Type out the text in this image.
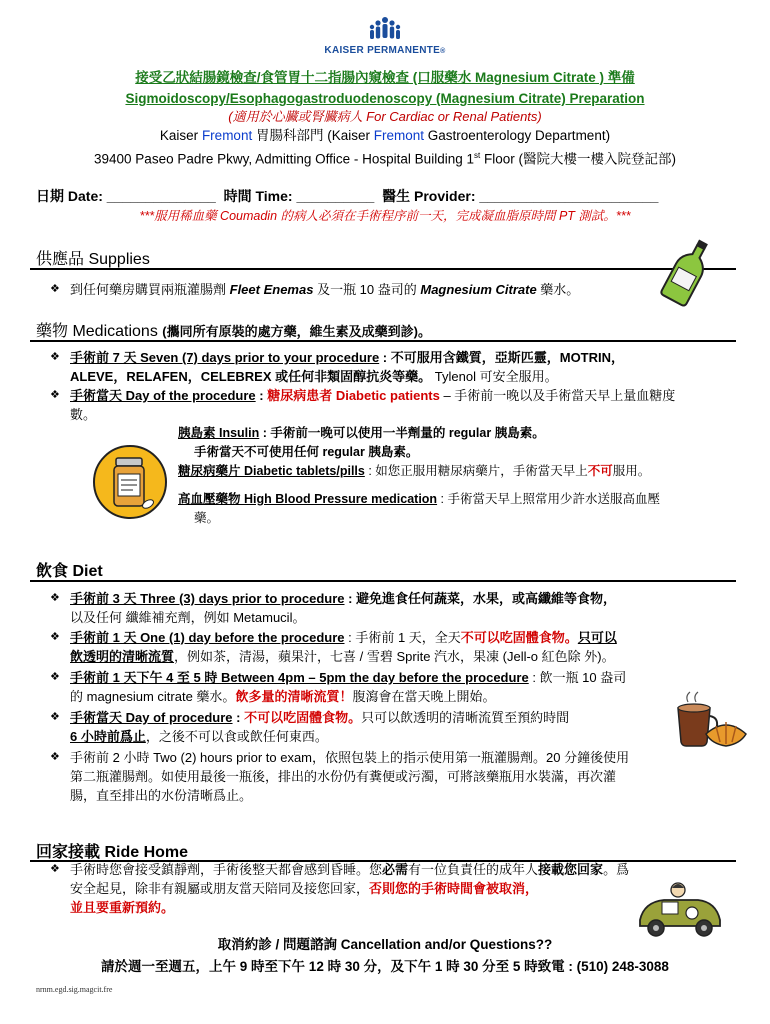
KAISER PERMANENTE®
接受乙狀結腸鏡檢查/食管胃十二指腸內窺檢查 (口服藥水 Magnesium Citrate ) 準備
Sigmoidoscopy/Esophagogastroduodenoscopy (Magnesium Citrate) Preparation
(適用於心臟或腎臟病人 For Cardiac or Renal Patients)
Kaiser Fremont 胃腸科部門 (Kaiser Fremont Gastroenterology Department)
39400 Paseo Padre Pkwy, Admitting Office - Hospital Building 1st Floor (醫院大樓一樓入院登記部)
日期 Date: ______________ 時間 Time: __________ 醫生 Provider: _______________________
***服用稀血藥 Coumadin 的病人必須在手術程序前一天，完成凝血脂原時間 PT 測試。***
供應品 Supplies
❖ 到任何藥房購買兩瓶灌腸劑 Fleet Enemas 及一瓶 10 盎司的 Magnesium Citrate 藥水。
藥物 Medications (攜同所有原裝的處方藥，維生素及成藥到診)。
❖ 手術前 7 天 Seven (7) days prior to your procedure : 不可服用含鐵質，亞斯匹靈，MOTRIN，
ALEVE，RELAFEN，CELEBREX 或任何非類固醇抗炎等藥。 Tylenol 可安全服用。
❖ 手術當天 Day of the procedure : 糖尿病患者 Diabetic patients – 手術前一晚以及手術當天早上量血糖度
數。
胰島素 Insulin : 手術前一晚可以使用一半劑量的 regular 胰島素。
手術當天不可使用任何 regular 胰島素。
糖尿病藥片 Diabetic tablets/pills : 如您正服用糖尿病藥片，手術當天早上不可服用。
高血壓藥物 High Blood Pressure medication : 手術當天早上照常用少許水送服高血壓
藥。
飲食 Diet
❖ 手術前 3 天 Three (3) days prior to procedure : 避免進食任何蔬菜，水果，或高纖維等食物，
以及任何 纖維補充劑，例如 Metamucil。
❖ 手術前 1 天 One (1) day before the procedure : 手術前 1 天，全天不可以吃固體食物。只可以
飲透明的清晰流質，例如茶，清湯，蘋果汁，七喜 / 雪碧 Sprite 汽水，果凍 (Jell-o 紅色除 外)。
❖ 手術前 1 天下午 4 至 5 時 Between 4pm – 5pm the day before the procedure : 飲一瓶 10 盎司
的 magnesium citrate 藥水。飲多量的清晰流質！腹瀉會在當天晚上開始。
❖ 手術當天 Day of procedure : 不可以吃固體食物。只可以飲透明的清晰流質至預約時間
6 小時前爲止，之後不可以食或飲任何東西。
❖ 手術前 2 小時 Two (2) hours prior to exam，依照包裝上的指示使用第一瓶灌腸劑。20 分鐘後使用
第二瓶灌腸劑。如使用最後一瓶後，排出的水份仍有糞便或污濁，可將該藥瓶用水裝滿，再次灌
腸，直至排出的水份清晰爲止。
回家接載 Ride Home
❖ 手術時您會接受鎮靜劑，手術後整天都會感到昏睡。您必需有一位負責任的成年人接載您回家。爲
安全起見，除非有親屬或朋友當天陪同及接您回家，否則您的手術時間會被取消，
並且要重新預約。
取消約診 / 問題諮詢 Cancellation and/or Questions??
請於週一至週五，上午 9 時至下午 12 時 30 分，及下午 1 時 30 分至 5 時致電 : (510) 248-3088
nrnm.egd.sig.magcit.fre
